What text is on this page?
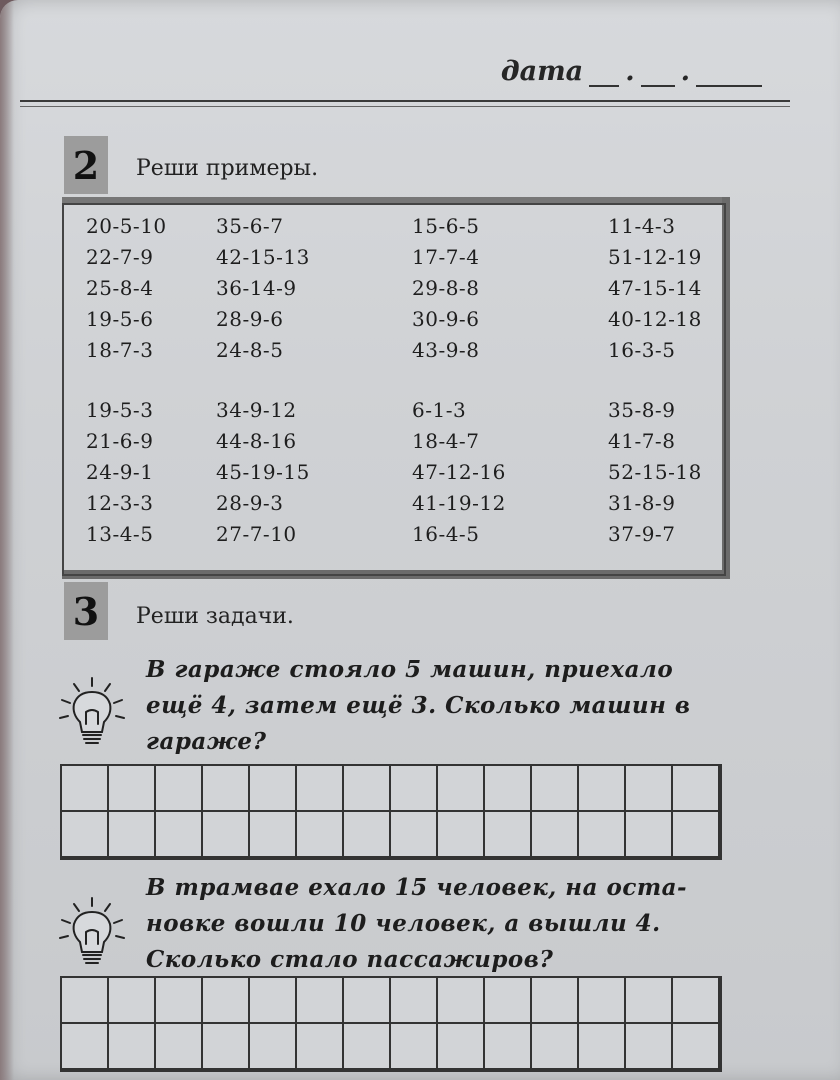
дата . .
2	Реши примеры.
20-5-10
22-7-9
25-8-4
19-5-6
18-7-3
19-5-3
21-6-9
24-9-1
12-3-3
13-4-5
35-6-7
42-15-13
36-14-9
28-9-6
24-8-5
34-9-12
44-8-16
45-19-15
28-9-3
27-7-10
15-6-5
17-7-4
29-8-8
30-9-6
43-9-8
6-1-3
18-4-7
47-12-16
41-19-12
16-4-5
11-4-3
51-12-19
47-15-14
40-12-18
16-3-5
35-8-9
41-7-8
52-15-18
31-8-9
37-9-7
3	Реши задачи.
В гараже стояло 5 машин, приехало
ещё 4, затем ещё 3. Сколько машин в
гараже?
В трамвае ехало 15 человек, на оста-
новке вошли 10 человек, а вышли 4.
Сколько стало пассажиров?
